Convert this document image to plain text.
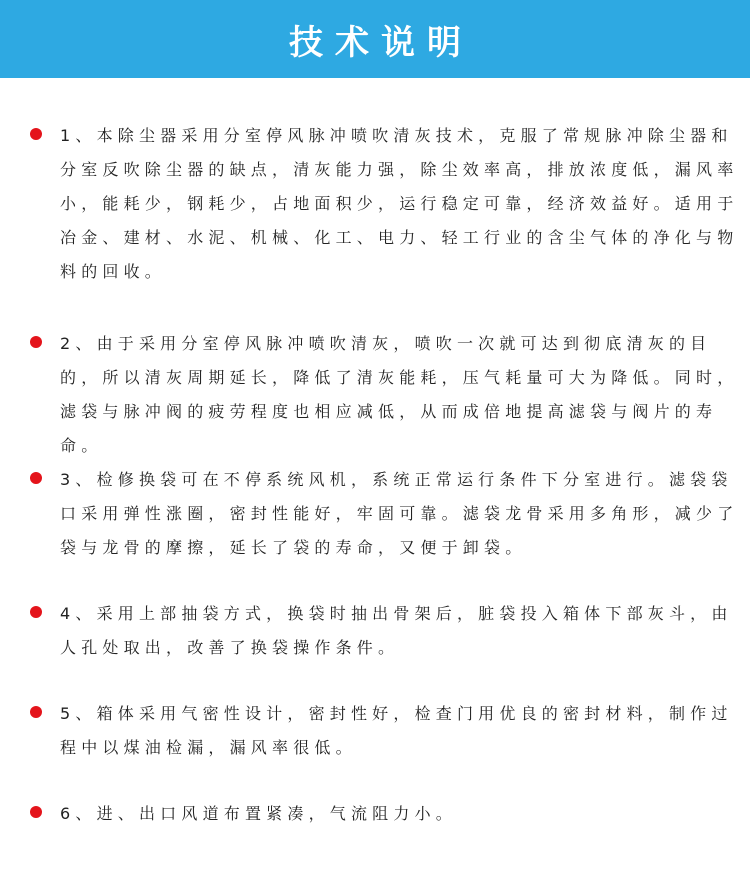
技术说明

1、本除尘器采用分室停风脉冲喷吹清灰技术，克服了常规脉冲除尘器和分室反吹除尘器的缺点，清灰能力强，除尘效率高，排放浓度低，漏风率小，能耗少，钢耗少，占地面积少，运行稳定可靠，经济效益好。适用于冶金、建材、水泥、机械、化工、电力、轻工行业的含尘气体的净化与物料的回收。

2、由于采用分室停风脉冲喷吹清灰，喷吹一次就可达到彻底清灰的目的，所以清灰周期延长，降低了清灰能耗，压气耗量可大为降低。同时，滤袋与脉冲阀的疲劳程度也相应减低，从而成倍地提高滤袋与阀片的寿命。

3、检修换袋可在不停系统风机，系统正常运行条件下分室进行。滤袋袋口采用弹性涨圈，密封性能好，牢固可靠。滤袋龙骨采用多角形，减少了袋与龙骨的摩擦，延长了袋的寿命，又便于卸袋。

4、采用上部抽袋方式，换袋时抽出骨架后，脏袋投入箱体下部灰斗，由人孔处取出，改善了换袋操作条件。

5、箱体采用气密性设计，密封性好，检查门用优良的密封材料，制作过程中以煤油检漏，漏风率很低。

6、进、出口风道布置紧凑，气流阻力小。
